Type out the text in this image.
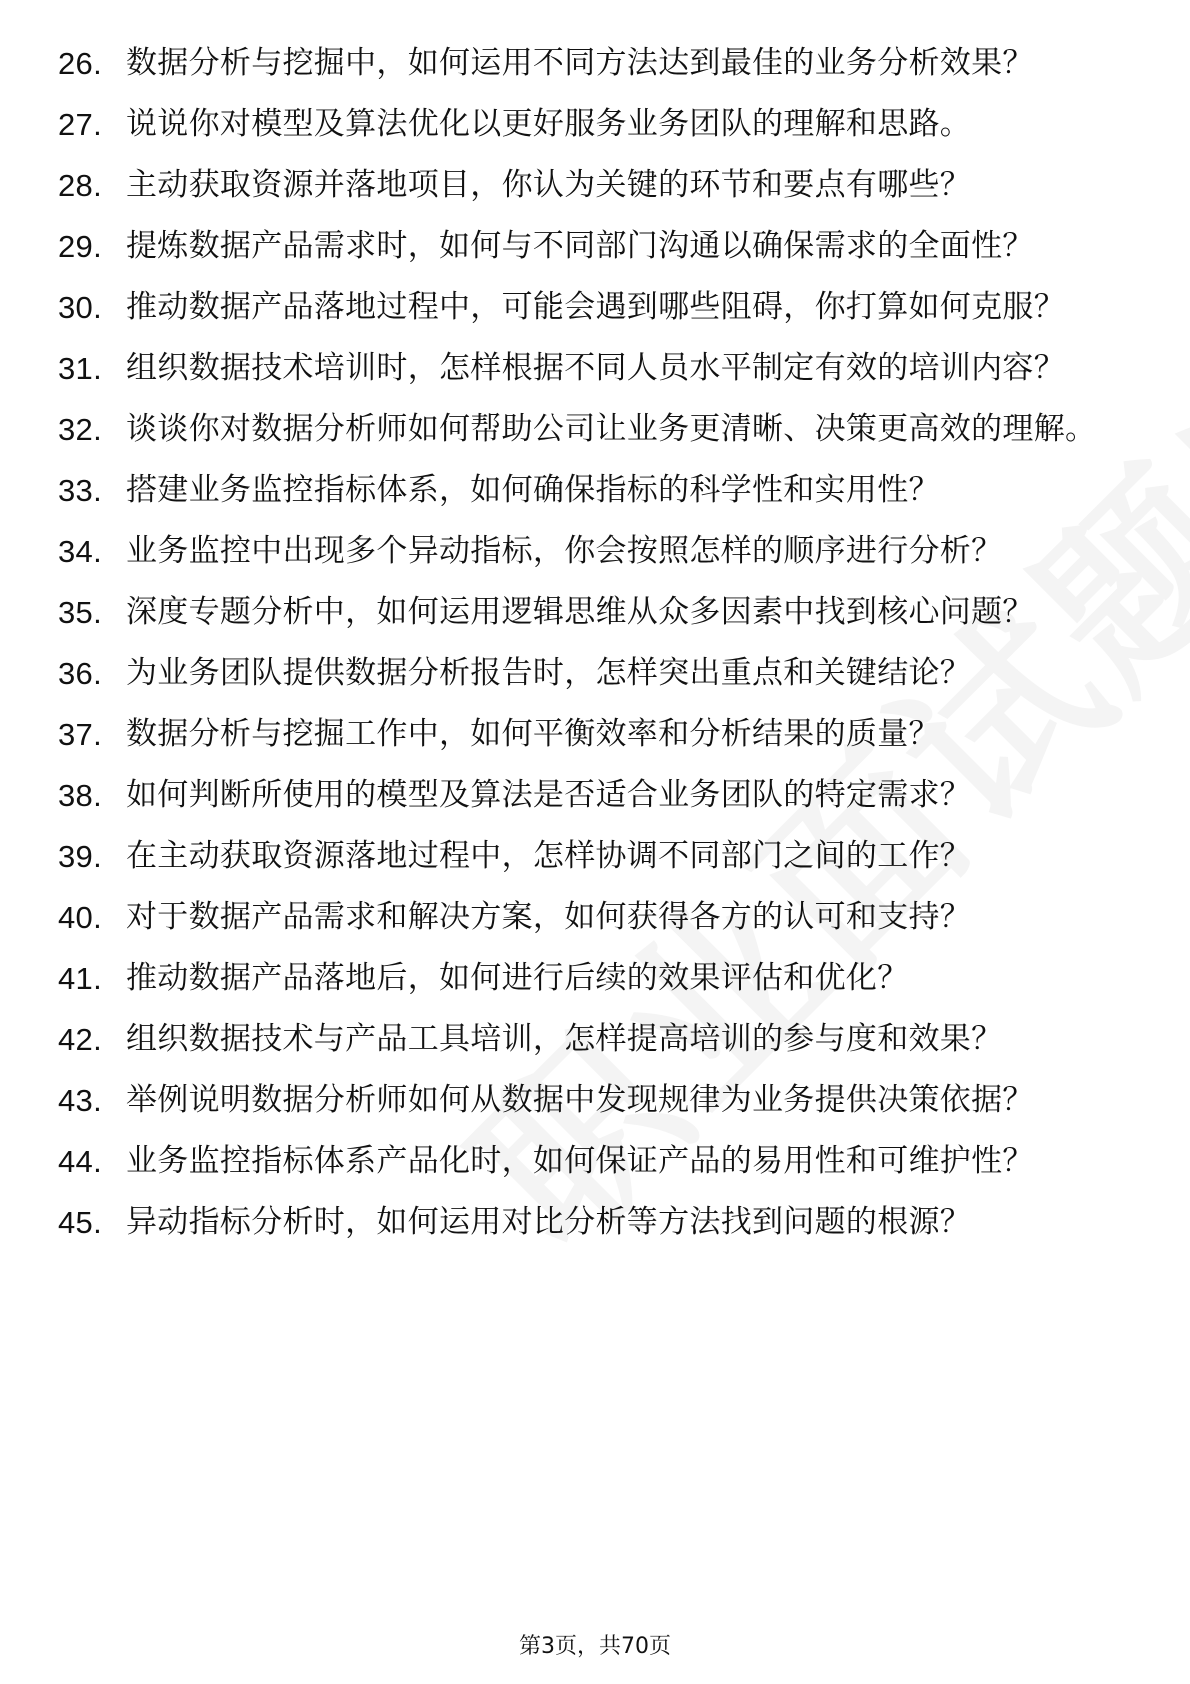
26. 数据分析与挖掘中，如何运用不同方法达到最佳的业务分析效果？
27. 说说你对模型及算法优化以更好服务业务团队的理解和思路。
28. 主动获取资源并落地项目，你认为关键的环节和要点有哪些？
29. 提炼数据产品需求时，如何与不同部门沟通以确保需求的全面性？
30. 推动数据产品落地过程中，可能会遇到哪些阻碍，你打算如何克服？
31. 组织数据技术培训时，怎样根据不同人员水平制定有效的培训内容？
32. 谈谈你对数据分析师如何帮助公司让业务更清晰、决策更高效的理解。
33. 搭建业务监控指标体系，如何确保指标的科学性和实用性？
34. 业务监控中出现多个异动指标，你会按照怎样的顺序进行分析？
35. 深度专题分析中，如何运用逻辑思维从众多因素中找到核心问题？
36. 为业务团队提供数据分析报告时，怎样突出重点和关键结论？
37. 数据分析与挖掘工作中，如何平衡效率和分析结果的质量？
38. 如何判断所使用的模型及算法是否适合业务团队的特定需求？
39. 在主动获取资源落地过程中，怎样协调不同部门之间的工作？
40. 对于数据产品需求和解决方案，如何获得各方的认可和支持？
41. 推动数据产品落地后，如何进行后续的效果评估和优化？
42. 组织数据技术与产品工具培训，怎样提高培训的参与度和效果？
43. 举例说明数据分析师如何从数据中发现规律为业务提供决策依据？
44. 业务监控指标体系产品化时，如何保证产品的易用性和可维护性？
45. 异动指标分析时，如何运用对比分析等方法找到问题的根源？
第3页，共70页
